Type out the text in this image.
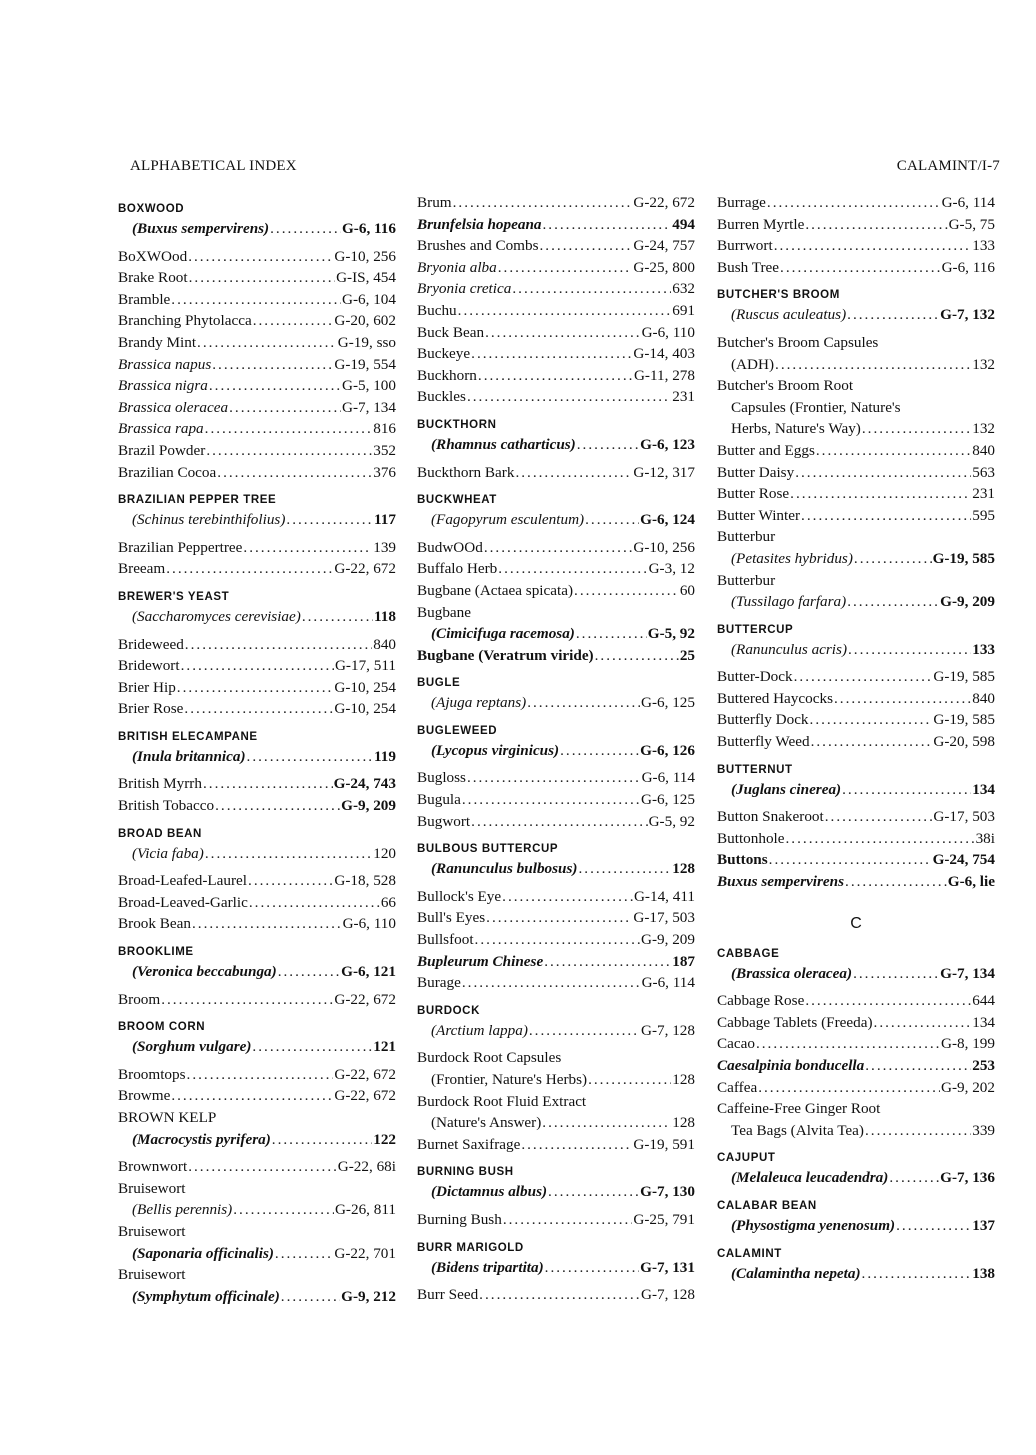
ALPHABETICAL INDEX	CALAMINT/I-7
BOXWOOD
(Buxus sempervirens) .....	G-6, 116
BoXWOod .....	G-10, 256
Brake Root .....	G-IS, 454
Bramble .....	G-6, 104
Branching Phytolacca .....	G-20, 602
Brandy Mint .....	G-19, sso
Brassica napus .....	G-19, 554
Brassica nigra .....	G-5, 100
Brassica oleracea .....	G-7, 134
Brassica rapa .....	816
Brazil Powder .....	352
Brazilian Cocoa .....	376
BRAZILIAN PEPPER TREE
(Schinus terebinthifolius) .....	117
Brazilian Peppertree .....	139
Breeam .....	G-22, 672
BREWER'S YEAST
(Saccharomyces cerevisiae) .....	118
Brideweed .....	840
Bridewort .....	G-17, 511
Brier Hip .....	G-10, 254
Brier Rose .....	G-10, 254
BRITISH ELECAMPANE
(Inula britannica) .....	119
British Myrrh .....	G-24, 743
British Tobacco .....	G-9, 209
BROAD BEAN
(Vicia faba) .....	120
Broad-Leafed-Laurel .....	G-18, 528
Broad-Leaved-Garlic .....	66
Brook Bean .....	G-6, 110
BROOKLIME
(Veronica beccabunga) .....	G-6, 121
Broom .....	G-22, 672
BROOM CORN
(Sorghum vulgare) .....	121
Broomtops .....	G-22, 672
Browme .....	G-22, 672
BROWN KELP
(Macrocystis pyrifera) .....	122
Brownwort .....	G-22, 68i
Bruisewort
(Bellis perennis) .....	G-26, 811
Bruisewort
(Saponaria officinalis) .....	G-22, 701
Bruisewort
(Symphytum officinale) .....	G-9, 212
Brum .....	G-22, 672
Brunfelsia hopeana .....	494
Brushes and Combs .....	G-24, 757
Bryonia alba .....	G-25, 800
Bryonia cretica .....	632
Buchu .....	691
Buck Bean .....	G-6, 110
Buckeye .....	G-14, 403
Buckhorn .....	G-11, 278
Buckles .....	231
BUCKTHORN
(Rhamnus catharticus) .....	G-6, 123
Buckthorn Bark .....	G-12, 317
BUCKWHEAT
(Fagopyrum esculentum) .....	G-6, 124
BudwOOd .....	G-10, 256
Buffalo Herb .....	G-3, 12
Bugbane (Actaea spicata) .....	60
Bugbane
(Cimicifuga racemosa) .....	G-5, 92
Bugbane (Veratrum viride) .....	25
BUGLE
(Ajuga reptans) .....	G-6, 125
BUGLEWEED
(Lycopus virginicus) .....	G-6, 126
Bugloss .....	G-6, 114
Bugula .....	G-6, 125
Bugwort .....	G-5, 92
BULBOUS BUTTERCUP
(Ranunculus bulbosus) .....	128
Bullock's Eye .....	G-14, 411
Bull's Eyes .....	G-17, 503
Bullsfoot .....	G-9, 209
Bupleurum Chinese .....	187
Burage .....	G-6, 114
BURDOCK
(Arctium lappa) .....	G-7, 128
Burdock Root Capsules
(Frontier, Nature's Herbs) .....	128
Burdock Root Fluid Extract
(Nature's Answer) .....	128
Burnet Saxifrage .....	G-19, 591
BURNING BUSH
(Dictamnus albus) .....	G-7, 130
Burning Bush .....	G-25, 791
BURR MARIGOLD
(Bidens tripartita) .....	G-7, 131
Burr Seed .....	G-7, 128
Burrage .....	G-6, 114
Burren Myrtle .....	G-5, 75
Burrwort .....	133
Bush Tree .....	G-6, 116
BUTCHER'S BROOM
(Ruscus aculeatus) .....	G-7, 132
Butcher's Broom Capsules
(ADH) .....	132
Butcher's Broom Root
Capsules (Frontier, Nature's
Herbs, Nature's Way) .....	132
Butter and Eggs .....	840
Butter Daisy .....	563
Butter Rose .....	231
Butter Winter .....	595
Butterbur
(Petasites hybridus) .....	G-19, 585
Butterbur
(Tussilago farfara) .....	G-9, 209
BUTTERCUP
(Ranunculus acris) .....	133
Butter-Dock .....	G-19, 585
Buttered Haycocks .....	840
Butterfly Dock .....	G-19, 585
Butterfly Weed .....	G-20, 598
BUTTERNUT
(Juglans cinerea) .....	134
Button Snakeroot .....	G-17, 503
Buttonhole .....	38i
Buttons .....	G-24, 754
Buxus sempervirens .....	G-6, lie
C
CABBAGE
(Brassica oleracea) .....	G-7, 134
Cabbage Rose .....	644
Cabbage Tablets (Freeda) .....	134
Cacao .....	G-8, 199
Caesalpinia bonducella .....	253
Caffea .....	G-9, 202
Caffeine-Free Ginger Root
Tea Bags (Alvita Tea) .....	339
CAJUPUT
(Melaleuca leucadendra) .....	G-7, 136
CALABAR BEAN
(Physostigma yenenosum) .....	137
CALAMINT
(Calamintha nepeta) .....	138
